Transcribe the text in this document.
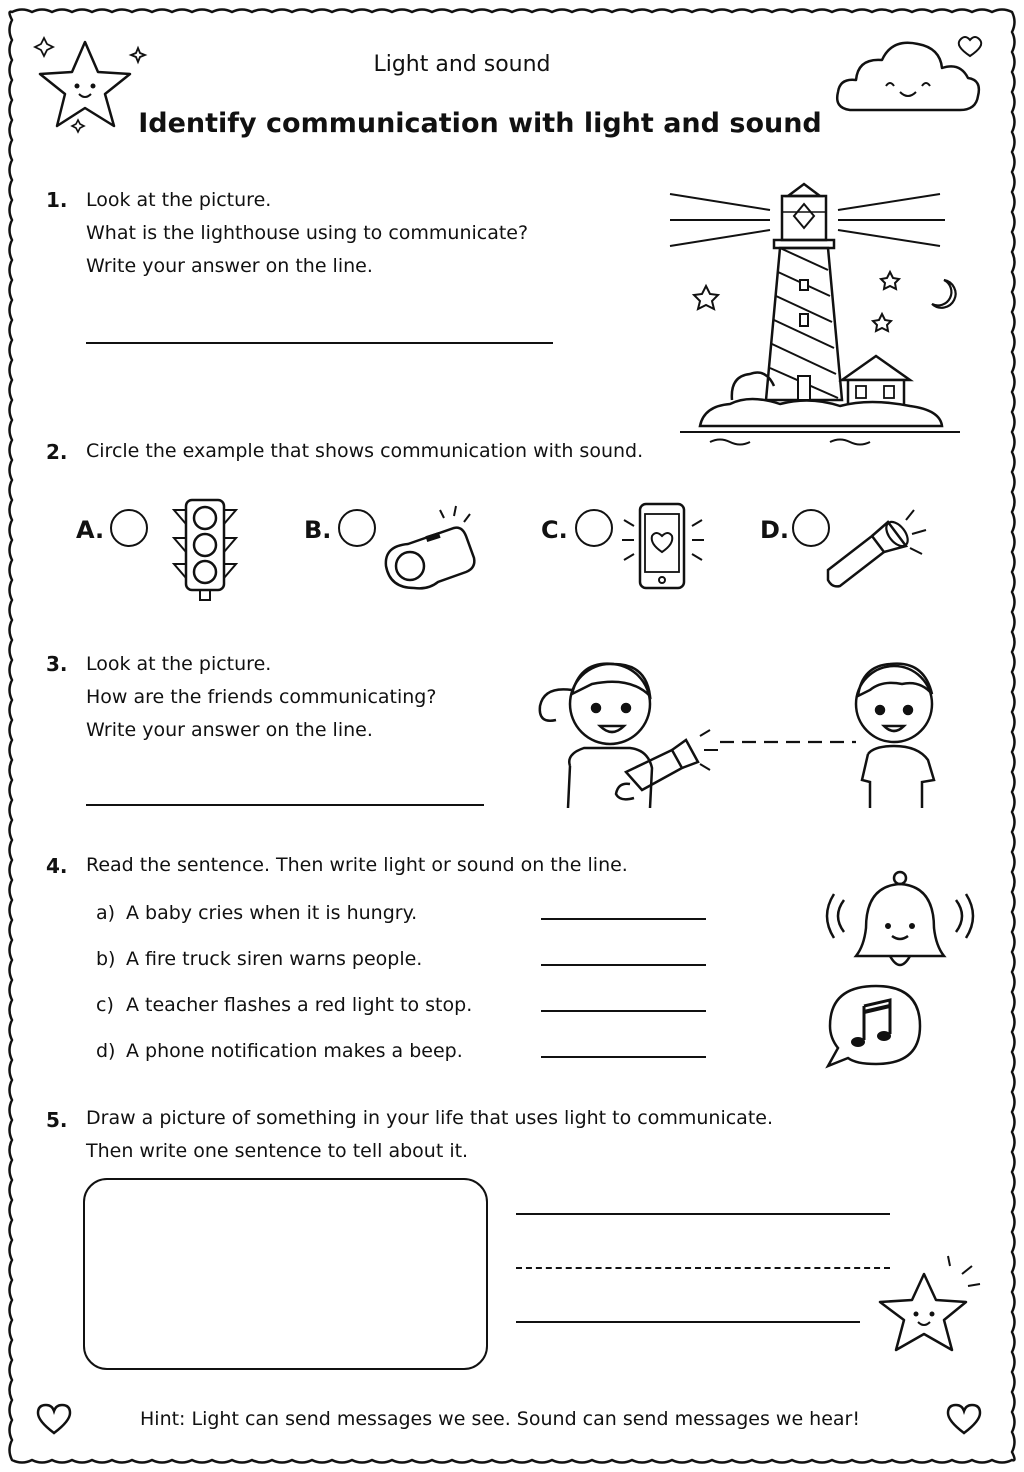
Light and sound
Identify communication with light and sound
1. Look at the picture.
What is the lighthouse using to communicate?
Write your answer on the line.
2. Circle the example that shows communication with sound.
A.	B.	C.	D.
3. Look at the picture.
How are the friends communicating?
Write your answer on the line.
4. Read the sentence. Then write light or sound on the line.
a) A baby cries when it is hungry.
b) A fire truck siren warns people.
c) A teacher flashes a red light to stop.
d) A phone notification makes a beep.
5. Draw a picture of something in your life that uses light to communicate.
Then write one sentence to tell about it.
Hint: Light can send messages we see. Sound can send messages we hear!
